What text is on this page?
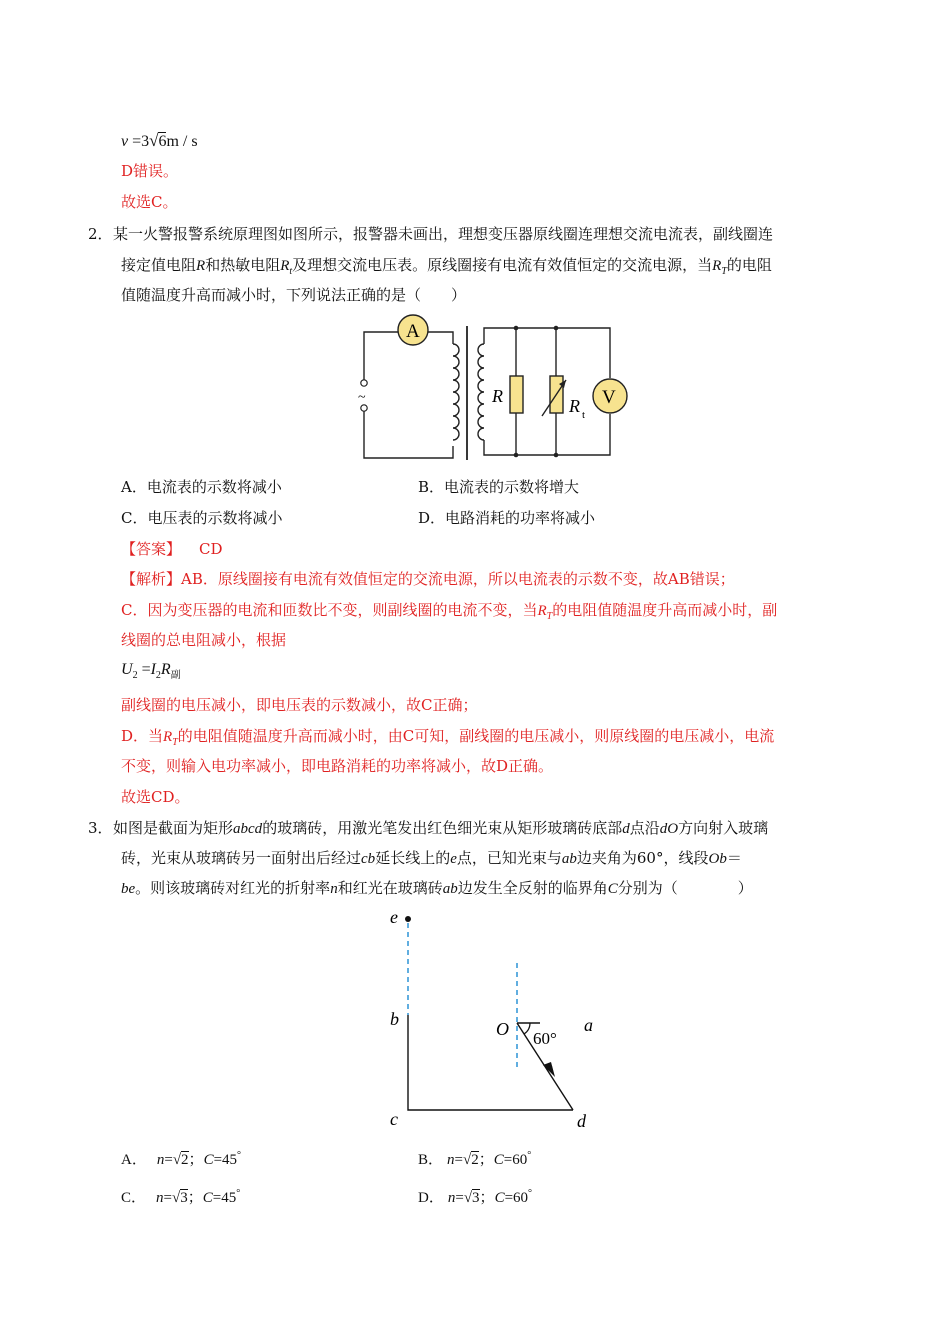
v =3√6m / s
D错误。
故选C。
2． 某一火警报警系统原理图如图所示，报警器未画出，理想变压器原线圈连理想交流电流表，副线圈连
接定值电阻R和热敏电阻$R_t$及理想交流电压表。原线圈接有电流有效值恒定的交流电源，当$R_T$的电阻
值随温度升高而减小时，下列说法正确的是（　　）
~
A
V
R	R t
A．电流表的示数将减小	B．电流表的示数将增大
C．电压表的示数将减小	D．电路消耗的功率将减小
【答案】 CD
【解析】AB．原线圈接有电流有效值恒定的交流电源，所以电流表的示数不变，故AB错误；
C．因为变压器的电流和匝数比不变，则副线圈的电流不变，当$R_T$的电阻值随温度升高而减小时，副
线圈的总电阻减小，根据
$U_2 =I_2R_副$
副线圈的电压减小，即电压表的示数减小，故C正确；
D．当$R_T$的电阻值随温度升高而减小时，由C可知，副线圈的电压减小，则原线圈的电压减小，电流
不变，则输入电功率减小，即电路消耗的功率将减小，故D正确。
故选CD。
3． 如图是截面为矩形abcd的玻璃砖，用激光笔发出红色细光束从矩形玻璃砖底部d点沿dO方向射入玻璃
砖，光束从玻璃砖另一面射出后经过cb延长线上的e点，已知光束与ab边夹角为60°，线段Ob＝
be。则该玻璃砖对红光的折射率n和红光在玻璃砖ab边发生全反射的临界角C分别为（　　　　）
e
b	O 60°
a
c	d
A． n=√2；C=45°	B． n=√2；C=60°
C． n=√3；C=45°	D． n=√3；C=60°
